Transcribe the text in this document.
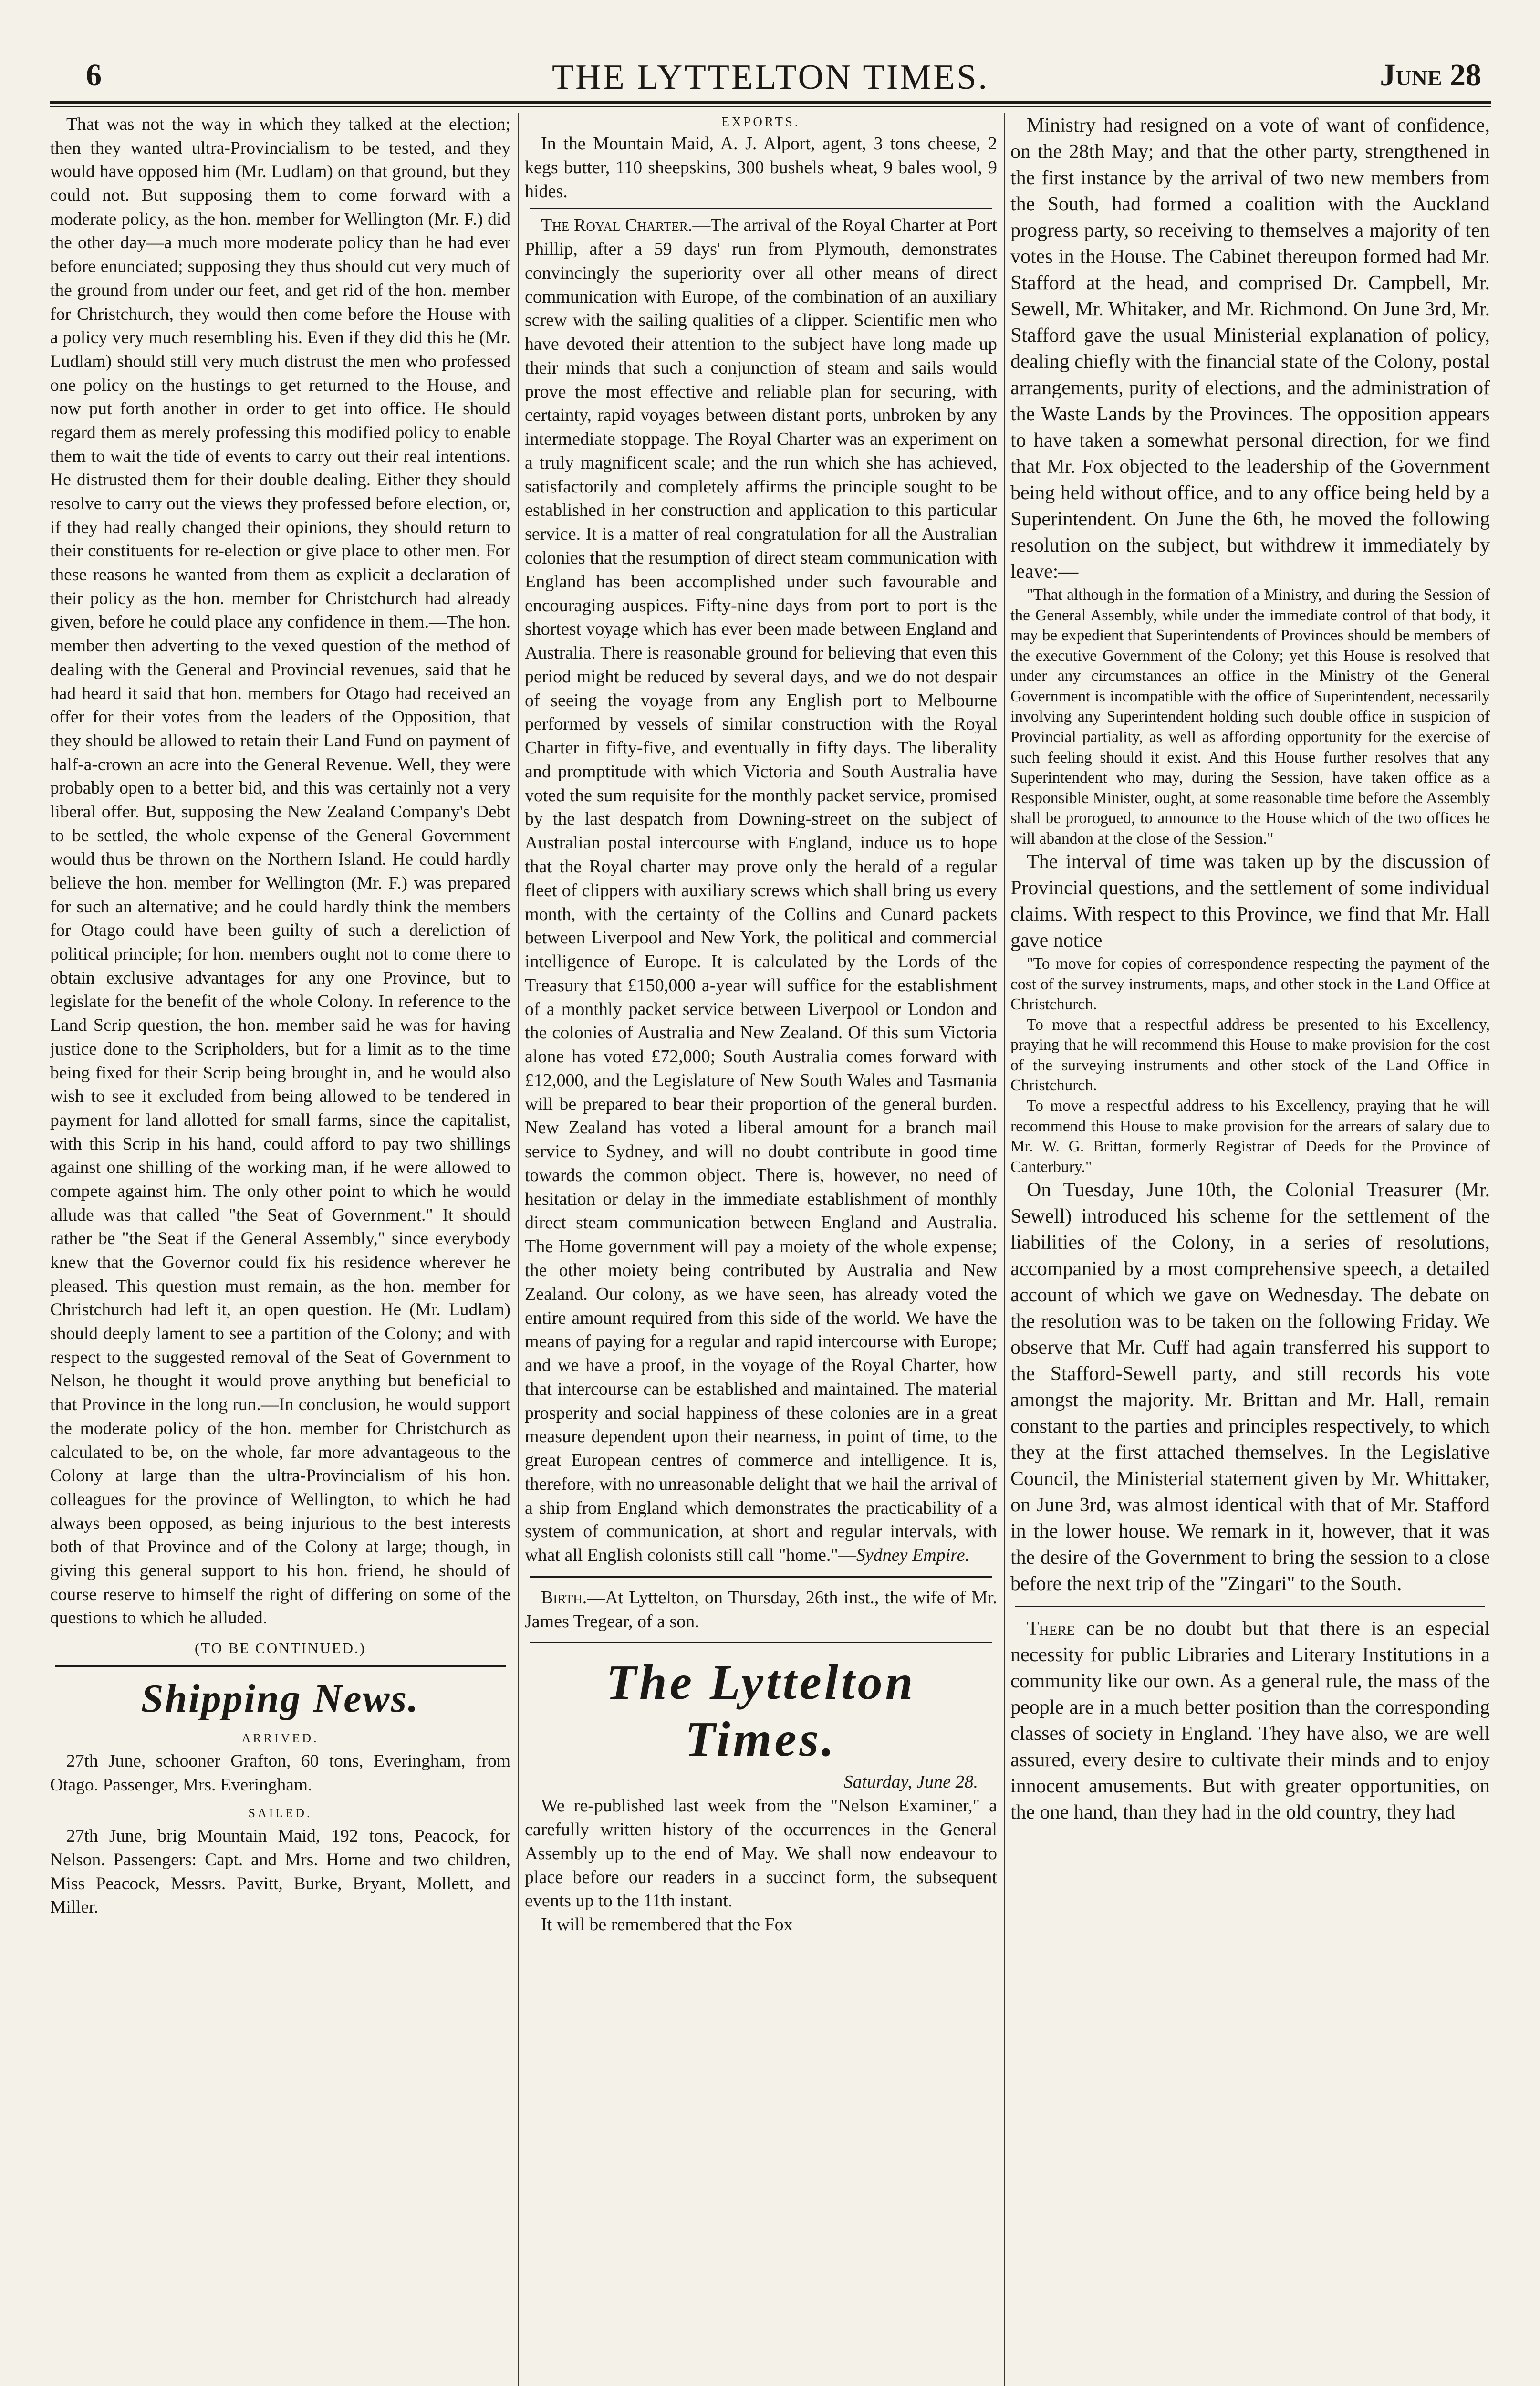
6	THE LYTTELTON TIMES.	June 28

That was not the way in which they talked at the election; then they wanted ultra-Provincialism to be tested, and they would have opposed him (Mr. Ludlam) on that ground, but they could not. But supposing them to come forward with a moderate policy, as the hon. member for Wellington (Mr. F.) did the other day—a much more moderate policy than he had ever before enunciated; supposing they thus should cut very much of the ground from under our feet, and get rid of the hon. member for Christchurch, they would then come before the House with a policy very much resembling his. Even if they did this he (Mr. Ludlam) should still very much distrust the men who professed one policy on the hustings to get returned to the House, and now put forth another in order to get into office. He should regard them as merely professing this modified policy to enable them to wait the tide of events to carry out their real intentions. He distrusted them for their double dealing. Either they should resolve to carry out the views they professed before election, or, if they had really changed their opinions, they should return to their constituents for re-election or give place to other men. For these reasons he wanted from them as explicit a declaration of their policy as the hon. member for Christchurch had already given, before he could place any confidence in them.—The hon. member then adverting to the vexed question of the method of dealing with the General and Provincial revenues, said that he had heard it said that hon. members for Otago had received an offer for their votes from the leaders of the Opposition, that they should be allowed to retain their Land Fund on payment of half-a-crown an acre into the General Revenue. Well, they were probably open to a better bid, and this was certainly not a very liberal offer. But, supposing the New Zealand Company's Debt to be settled, the whole expense of the General Government would thus be thrown on the Northern Island. He could hardly believe the hon. member for Wellington (Mr. F.) was prepared for such an alternative; and he could hardly think the members for Otago could have been guilty of such a dereliction of political principle; for hon. members ought not to come there to obtain exclusive advantages for any one Province, but to legislate for the benefit of the whole Colony. In reference to the Land Scrip question, the hon. member said he was for having justice done to the Scripholders, but for a limit as to the time being fixed for their Scrip being brought in, and he would also wish to see it excluded from being allowed to be tendered in payment for land allotted for small farms, since the capitalist, with this Scrip in his hand, could afford to pay two shillings against one shilling of the working man, if he were allowed to compete against him. The only other point to which he would allude was that called "the Seat of Government." It should rather be "the Seat if the General Assembly," since everybody knew that the Governor could fix his residence wherever he pleased. This question must remain, as the hon. member for Christchurch had left it, an open question. He (Mr. Ludlam) should deeply lament to see a partition of the Colony; and with respect to the suggested removal of the Seat of Government to Nelson, he thought it would prove anything but beneficial to that Province in the long run.—In conclusion, he would support the moderate policy of the hon. member for Christchurch as calculated to be, on the whole, far more advantageous to the Colony at large than the ultra-Provincialism of his hon. colleagues for the province of Wellington, to which he had always been opposed, as being injurious to the best interests both of that Province and of the Colony at large; though, in giving this general support to his hon. friend, he should of course reserve to himself the right of differing on some of the questions to which he alluded.

(TO BE CONTINUED.)
Shipping News.
ARRIVED.

27th June, schooner Grafton, 60 tons, Everingham, from Otago. Passenger, Mrs. Everingham.

SAILED.

27th June, brig Mountain Maid, 192 tons, Peacock, for Nelson. Passengers: Capt. and Mrs. Horne and two children, Miss Peacock, Messrs. Pavitt, Burke, Bryant, Mollett, and Miller.

EXPORTS.

In the Mountain Maid, A. J. Alport, agent, 3 tons cheese, 2 kegs butter, 110 sheepskins, 300 bushels wheat, 9 bales wool, 9 hides.

The Royal Charter.—The arrival of the Royal Charter at Port Phillip, after a 59 days' run from Plymouth, demonstrates convincingly the superiority over all other means of direct communication with Europe, of the combination of an auxiliary screw with the sailing qualities of a clipper. Scientific men who have devoted their attention to the subject have long made up their minds that such a conjunction of steam and sails would prove the most effective and reliable plan for securing, with certainty, rapid voyages between distant ports, unbroken by any intermediate stoppage. The Royal Charter was an experiment on a truly magnificent scale; and the run which she has achieved, satisfactorily and completely affirms the principle sought to be established in her construction and application to this particular service. It is a matter of real congratulation for all the Australian colonies that the resumption of direct steam communication with England has been accomplished under such favourable and encouraging auspices. Fifty-nine days from port to port is the shortest voyage which has ever been made between England and Australia. There is reasonable ground for believing that even this period might be reduced by several days, and we do not despair of seeing the voyage from any English port to Melbourne performed by vessels of similar construction with the Royal Charter in fifty-five, and eventually in fifty days. The liberality and promptitude with which Victoria and South Australia have voted the sum requisite for the monthly packet service, promised by the last despatch from Downing-street on the subject of Australian postal intercourse with England, induce us to hope that the Royal charter may prove only the herald of a regular fleet of clippers with auxiliary screws which shall bring us every month, with the certainty of the Collins and Cunard packets between Liverpool and New York, the political and commercial intelligence of Europe. It is calculated by the Lords of the Treasury that £150,000 a-year will suffice for the establishment of a monthly packet service between Liverpool or London and the colonies of Australia and New Zealand. Of this sum Victoria alone has voted £72,000; South Australia comes forward with £12,000, and the Legislature of New South Wales and Tasmania will be prepared to bear their proportion of the general burden. New Zealand has voted a liberal amount for a branch mail service to Sydney, and will no doubt contribute in good time towards the common object. There is, however, no need of hesitation or delay in the immediate establishment of monthly direct steam communication between England and Australia. The Home government will pay a moiety of the whole expense; the other moiety being contributed by Australia and New Zealand. Our colony, as we have seen, has already voted the entire amount required from this side of the world. We have the means of paying for a regular and rapid intercourse with Europe; and we have a proof, in the voyage of the Royal Charter, how that intercourse can be established and maintained. The material prosperity and social happiness of these colonies are in a great measure dependent upon their nearness, in point of time, to the great European centres of commerce and intelligence. It is, therefore, with no unreasonable delight that we hail the arrival of a ship from England which demonstrates the practicability of a system of communication, at short and regular intervals, with what all English colonists still call "home."—Sydney Empire.

Birth.—At Lyttelton, on Thursday, 26th inst., the wife of Mr. James Tregear, of a son.

The Lyttelton Times.

Saturday, June 28.

We re-published last week from the "Nelson Examiner," a carefully written history of the occurrences in the General Assembly up to the end of May. We shall now endeavour to place before our readers in a succinct form, the subsequent events up to the 11th instant.

It will be remembered that the Fox

Ministry had resigned on a vote of want of confidence, on the 28th May; and that the other party, strengthened in the first instance by the arrival of two new members from the South, had formed a coalition with the Auckland progress party, so receiving to themselves a majority of ten votes in the House. The Cabinet thereupon formed had Mr. Stafford at the head, and comprised Dr. Campbell, Mr. Sewell, Mr. Whitaker, and Mr. Richmond. On June 3rd, Mr. Stafford gave the usual Ministerial explanation of policy, dealing chiefly with the financial state of the Colony, postal arrangements, purity of elections, and the administration of the Waste Lands by the Provinces. The opposition appears to have taken a somewhat personal direction, for we find that Mr. Fox objected to the leadership of the Government being held without office, and to any office being held by a Superintendent. On June the 6th, he moved the following resolution on the subject, but withdrew it immediately by leave:—

"That although in the formation of a Ministry, and during the Session of the General Assembly, while under the immediate control of that body, it may be expedient that Superintendents of Provinces should be members of the executive Government of the Colony; yet this House is resolved that under any circumstances an office in the Ministry of the General Government is incompatible with the office of Superintendent, necessarily involving any Superintendent holding such double office in suspicion of Provincial partiality, as well as affording opportunity for the exercise of such feeling should it exist. And this House further resolves that any Superintendent who may, during the Session, have taken office as a Responsible Minister, ought, at some reasonable time before the Assembly shall be prorogued, to announce to the House which of the two offices he will abandon at the close of the Session."

The interval of time was taken up by the discussion of Provincial questions, and the settlement of some individual claims. With respect to this Province, we find that Mr. Hall gave notice

"To move for copies of correspondence respecting the payment of the cost of the survey instruments, maps, and other stock in the Land Office at Christchurch.

To move that a respectful address be presented to his Excellency, praying that he will recommend this House to make provision for the cost of the surveying instruments and other stock of the Land Office in Christchurch.

To move a respectful address to his Excellency, praying that he will recommend this House to make provision for the arrears of salary due to Mr. W. G. Brittan, formerly Registrar of Deeds for the Province of Canterbury."

On Tuesday, June 10th, the Colonial Treasurer (Mr. Sewell) introduced his scheme for the settlement of the liabilities of the Colony, in a series of resolutions, accompanied by a most comprehensive speech, a detailed account of which we gave on Wednesday. The debate on the resolution was to be taken on the following Friday. We observe that Mr. Cuff had again transferred his support to the Stafford-Sewell party, and still records his vote amongst the majority. Mr. Brittan and Mr. Hall, remain constant to the parties and principles respectively, to which they at the first attached themselves. In the Legislative Council, the Ministerial statement given by Mr. Whittaker, on June 3rd, was almost identical with that of Mr. Stafford in the lower house. We remark in it, however, that it was the desire of the Government to bring the session to a close before the next trip of the "Zingari" to the South.

There can be no doubt but that there is an especial necessity for public Libraries and Literary Institutions in a community like our own. As a general rule, the mass of the people are in a much better position than the corresponding classes of society in England. They have also, we are well assured, every desire to cultivate their minds and to enjoy innocent amusements. But with greater opportunities, on the one hand, than they had in the old country, they had
